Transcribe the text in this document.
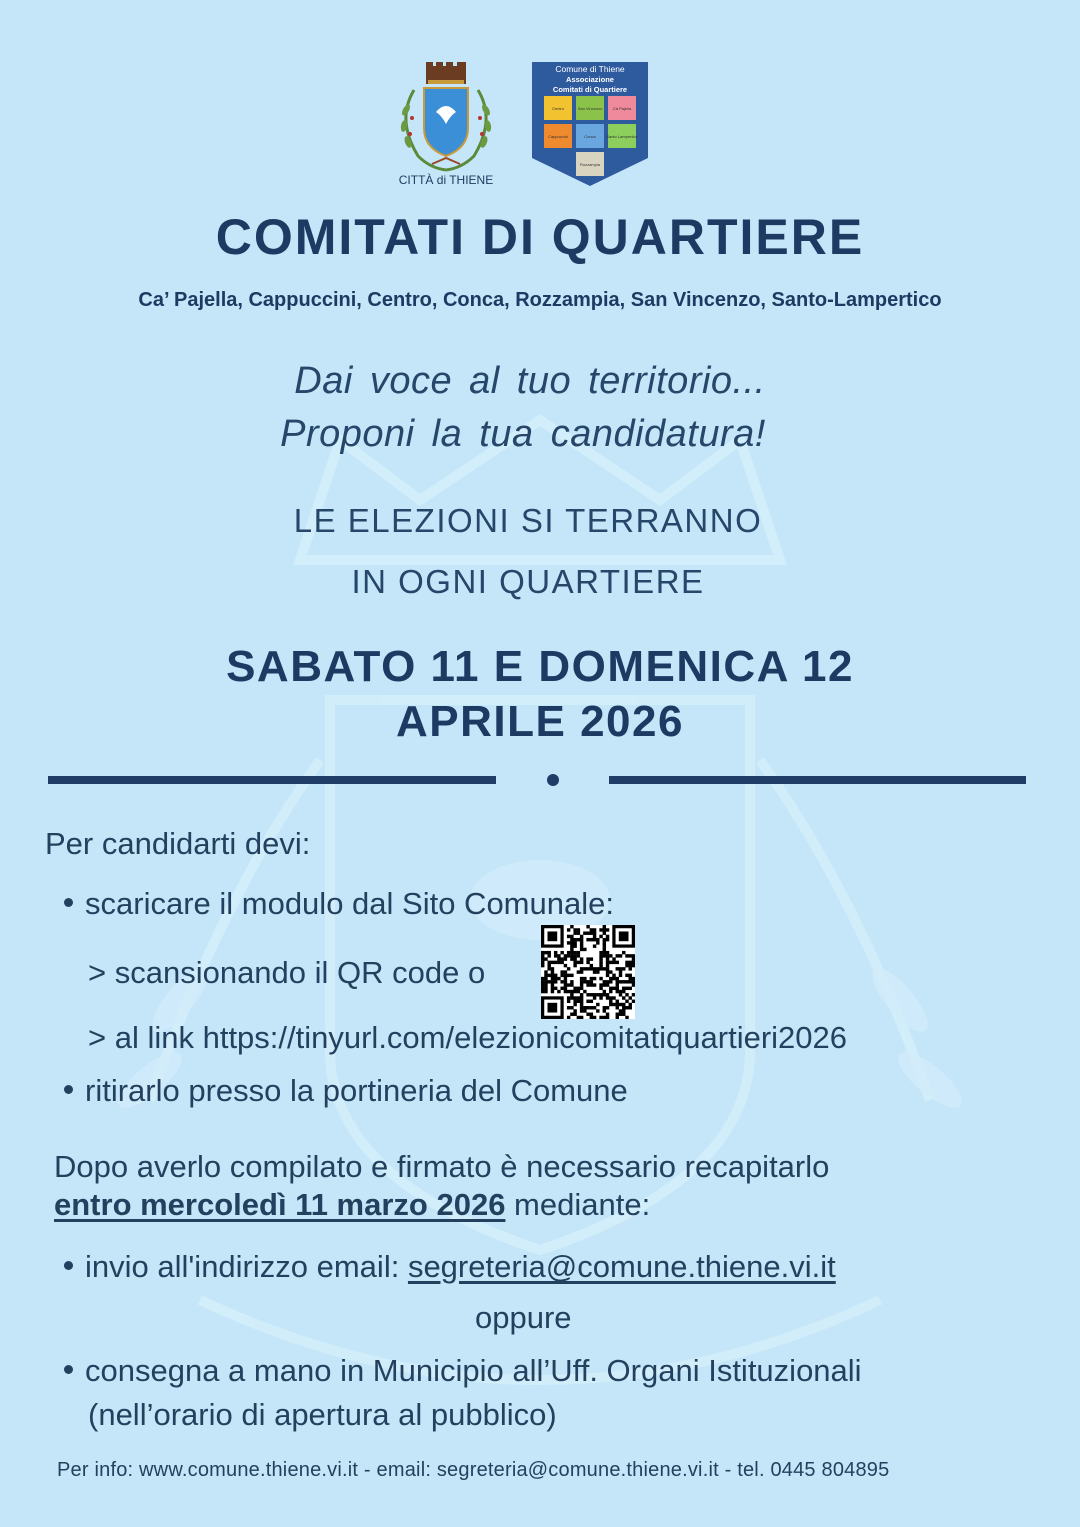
CITTÀ di THIENE
Comune di Thiene
Associazione
Comitati di Quartiere
Centro	San Vincenzo	Cà Pajella
Cappuccini	Conca	Santo Lampertico
Rozzampia
COMITATI DI QUARTIERE
Ca’ Pajella, Cappuccini, Centro, Conca, Rozzampia, San Vincenzo, Santo-Lampertico
Dai voce al tuo territorio...
Proponi la tua candidatura!
LE ELEZIONI SI TERRANNO
IN OGNI QUARTIERE
SABATO 11 E DOMENICA 12
APRILE 2026
Per candidarti devi:
scaricare il modulo dal Sito Comunale:
> scansionando il QR code o
> al link https://tinyurl.com/elezionicomitatiquartieri2026
ritirarlo presso la portineria del Comune
Dopo averlo compilato e firmato è necessario recapitarlo
entro mercoledì 11 marzo 2026 mediante:
invio all'indirizzo email: segreteria@comune.thiene.vi.it
oppure
consegna a mano in Municipio all’Uff. Organi Istituzionali
(nell’orario di apertura al pubblico)
Per info: www.comune.thiene.vi.it - email: segreteria@comune.thiene.vi.it - tel. 0445 804895
